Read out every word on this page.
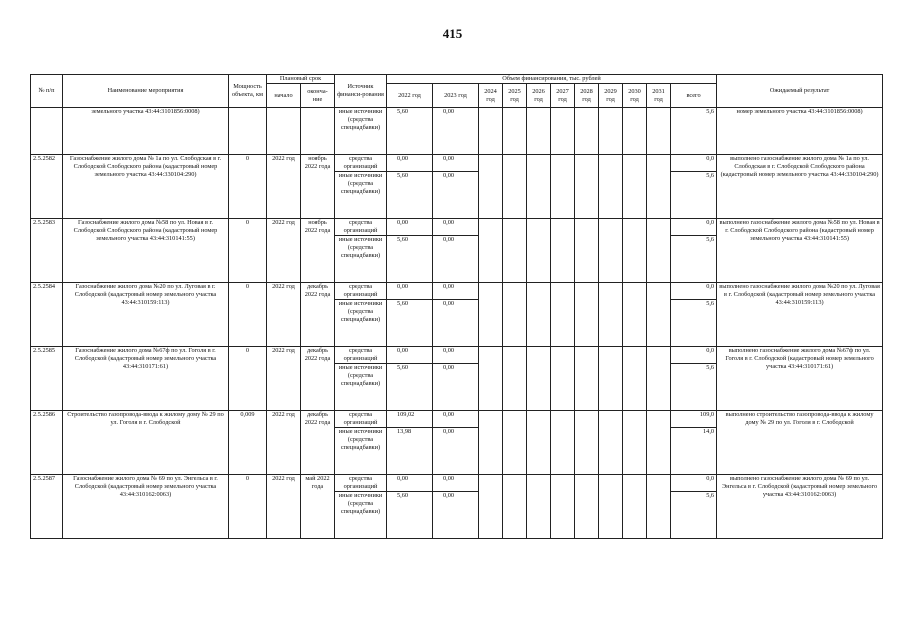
415
№ п/п	Наименование мероприятия	Мощность объекта, км	Плановый срок		Источник финанси-рования	Объем финансирования, тыс. рублей											Ожидаемый результат
			начало	оконча-ние		2022 год	2023 год	2024 год	2025 год	2026 год	2027 год	2028 год	2029 год	2030 год	2031 год	всего	
	земельного участка 43:44:3101856:0008)				иные источники (средства спецнадбавки)	5,60	0,00									5,6	номер земельного участка 43:44:3101856:0008)
2.5.2582	Газоснабжение жилого дома № 1а по ул. Слободская в г. Слободской Слободского района (кадастровый номер земельного участка 43:44:330104:290)	0	2022 год	ноябрь 2022 года	средства организаций	0,00	0,00									0,0	выполнено газоснабжение жилого дома № 1а по ул. Слободская в г. Слободской Слободского района (кадастровый номер земельного участка 43:44:330104:290)
					иные источники (средства спецнадбавки)	5,60	0,00									5,6	
2.5.2583	Газоснабжение жилого дома №58 по ул. Новая в г. Слободской Слободского района (кадастровый номер земельного участка 43:44:310141:55)	0	2022 год	ноябрь 2022 года	средства организаций	0,00	0,00									0,0	выполнено газоснабжение жилого дома №58 по ул. Новая в г. Слободской Слободского района (кадастровый номер земельного участка 43:44:310141:55)
					иные источники (средства спецнадбавки)	5,60	0,00									5,6	
2.5.2584	Газоснабжение жилого дома №20 по ул. Луговая в г. Слободской (кадастровый номер земельного участка 43:44:310159:113)	0	2022 год	декабрь 2022 года	средства организаций	0,00	0,00									0,0	выполнено газоснабжение жилого дома №20 по ул. Луговая в г. Слободской (кадастровый номер земельного участка 43:44:310159:113)
					иные источники (средства спецнадбавки)	5,60	0,00									5,6	
2.5.2585	Газоснабжение жилого дома №67ф по ул. Гоголя в г. Слободской (кадастровый номер земельного участка 43:44:310171:61)	0	2022 год	декабрь 2022 года	средства организаций	0,00	0,00									0,0	выполнено газоснабжение жилого дома №67ф по ул. Гоголя в г. Слободской (кадастровый номер земельного участка 43:44:310171:61)
					иные источники (средства спецнадбавки)	5,60	0,00									5,6	
2.5.2586	Строительство газопровода-ввода к жилому дому № 29 по ул. Гоголя в г. Слободской	0,009	2022 год	декабрь 2022 года	средства организаций	109,02	0,00									109,0	выполнено строительство газопровода-ввода к жилому дому № 29 по ул. Гоголя в г. Слободской
					иные источники (средства спецнадбавки)	13,98	0,00									14,0	
2.5.2587	Газоснабжение жилого дома № 69 по ул. Энгельса в г. Слободской (кадастровый номер земельного участка 43:44:310162:0063)	0	2022 год	май 2022 года	средства организаций	0,00	0,00									0,0	выполнено газоснабжение жилого дома № 69 по ул. Энгельса в г. Слободской (кадастровый номер земельного участка 43:44:310162:0063)
					иные источники (средства спецнадбавки)	5,60	0,00									5,6	
